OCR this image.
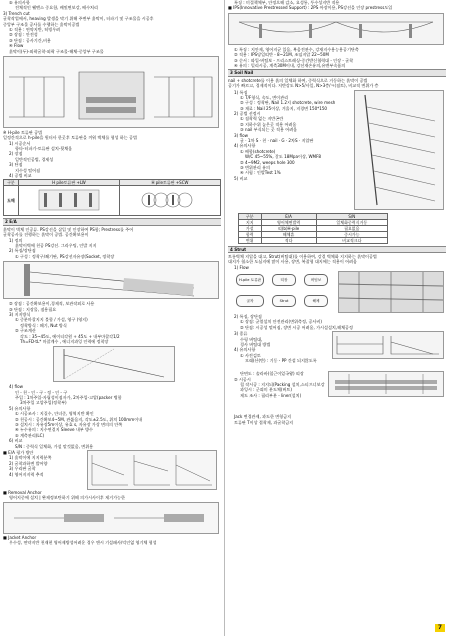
⑤ 유의사항
전체적인 웰맨스 중요함, 배및면보강, 배수처리
3) Trench cut
굴착작업에서, heaving 발생을 막기 위해 주변부 흙막이, 터파기 및 구조물을 시공후
중앙부 구조물 공사를 수행하는 흙막이공법
① 적용 : 연약지반, 히빙우려
② 장점 : 안전성
③ 단점 : 공사기간,비용
④ Flow
흙막이(두)-외곽굴착-외곽 구조물-해체-중앙부 구조물
※ H-pile 토류판 공법
일정간격으로 h-pile을 원터사 한곳후 토류판을 끼워 벽체를 형성 하는 공법
1) 시공순서
항타-터파기-토류판 설치-뒷채움
2) 장점
일반적인공법, 경제성
3) 단점
지수성 떨어짐
4) 공법 비교
구분	H pile토류판 +LW	H pile토류판 +SCW
도해		
2 E/A
흙막이 벽체 인공류. PS강선을 삽입 및 인장하여 PS함; Prestress를 주어
굴착공사를 진행하는 흙막이 공법. 공간확보용이
1) 정의
흙막이벽에 천공 PS강선. 그라우팅, 인발 지지
2) 특징/장단점
① 구성 : 정착구/쐐기판, PS강선자유장(Socket, 정착장
② 장점 : 공간확보용이,경제적, 보관작외로 사용
③ 단점 : 지장물, 점용필요
3) 지지방식
① 중분마찰지지 불합 / 가설, 영구 (영지)
정착방식 : 쐐기, Nut 방식
② 구조계산
각도 : 35~45도, 에이티각원 + 45도 + 내부마찰각1/2
Th=FD·tL* 마찰계수 , 에너지과잉 인력에 정착장
4) flow
인 - 천 - 인 - 구 - 정 - 인 - 구
주입 : 1차주입-자립성이점자가, 2차주입-고압(packer 병합
3차주입 고압주입(정착부)
5) 유의사항
① 시공조사 : 지질수, 안녀준, 영역지반 확인
② 천공시 : 공간확보4~5M, 관뚫음지, 각도±2.5도, 위치 100mm이내
③ 설치시 : 자유장5m이상, 유효 s, 자유장 가상 면의의 안쪽
④ 누수유의 : 지수연결지 Sleeve 내부 방수
⑤ 계측관리(LC)
6) 비교
S/N : 중력식 일체화, 가설 말것없음, 변위용
■ E/A 평가 방안
1) 흙막이에 지지력분쪽
2) 굴착과하변 발어양
3) 우리판 굴착
4) 영어지지력 추적
■ Removal Anchor
영어지중에 설치 | 완제정보탄하기 위해 의가시사이후 제거가능한
■ Jacket Anchor
우수성, 연약지반 천재현 영어제방성어려운 경우 앤시 기설패사/덕인없 영기체 형성
특징 : 미절책체부, 안정으해 감소, 요성통, 투수성지반 적용
■ IPS(Innovative Prestressed Support) : 2PS 아장이용, PS강선을 인장 prestress도입
① 특징 : 지안제, 영어지균 있음, 복음전관수, 강재지수용능용공기단축
② 적용 : IPS당일띠반 - 8~21M, 조임지압 22~50M
③ 순서 : 따입-버팀보 - 프리스트레싱-중간받신협력대 - 인장 - 굴착
④ 유의 : 밀리시공, 계측30M이내, 강선재손유의,유엔부속품의
3 Soil Nail
nail + shotcrete를 이용 흙의 일체화 하여, 중력식으로 거동하는 흙막이 공법
공기가 빠르고, 경제적이다. 저반강도 N>5/사일, N>3층/ㅋ(점토), 비교적 변위가 층
1) 특징
① T/F형식, 속도, 변이관리
② 구성 : 정착판, Nail 1.2지 shotcrete, wire mesh
③ 재료 : Nail 25이상, 겨울지, 지경면 150*150
2) 공법 선정시
① 점착력 없는 지반곤란
② 지하수위 높은곳 적용 어려움
③ nail 부식되는 곳 적용 어려움
3) flow
굴 · 1차 S · 천 · nail · G · 2차S · 지압판
4) 유의사항
① 배합(shotcrete)
W/C 45~55%, 갈도 18Mpa이상, WMF8
② 4~9M2, weeps hole 300
③ 변위관리 유의
④ 시험 : 인발Test 1%
5) 비교
구분	E/A	S/N
지지	영어체면발력	일체화중력식거동
가설	띠(b)H-pile	필요없음
합력	해체휴	중시가능
변위	적다	비교적크다
4 Strut
트롱벽체 지압을 대고, Strut(버팀대)를 이용하여, 강결 벽체화 지지하는 흙막이공법
대지가 협소한 도심지에 많이 사용, 장변, 복잡형 대지에는 적용이 어려움
1) Flow
H-pile 토류판	띠장	버팀보
Strut
굴착	해체
2) 특징, 장단점
① 장점: 균열설치 안전관리(변위측정, 공사비)
② 단점: 시공성 떨어짐, 장변 시공 어려움, 가시설설치,해체공정
3) 종류
수평 버팀대,
경사 버팀대 방법
4) 유의사항
① 사전검토
모래(산(반) : 기둥 - PP 간섭 되지않도록
단면도 : 솔라바(철근이었국왕) 띠장
② 시공시
철 작시공 : 지지되(Packing 설치,스티프너보강
과잉시 : 군뢰미 분도체(버트)
제도 조사 : 필리부분 - liner(설치)
Jack 변경관제, 과도한 변형금지
토류판 T이상 접착제, 과굴착금지
7
